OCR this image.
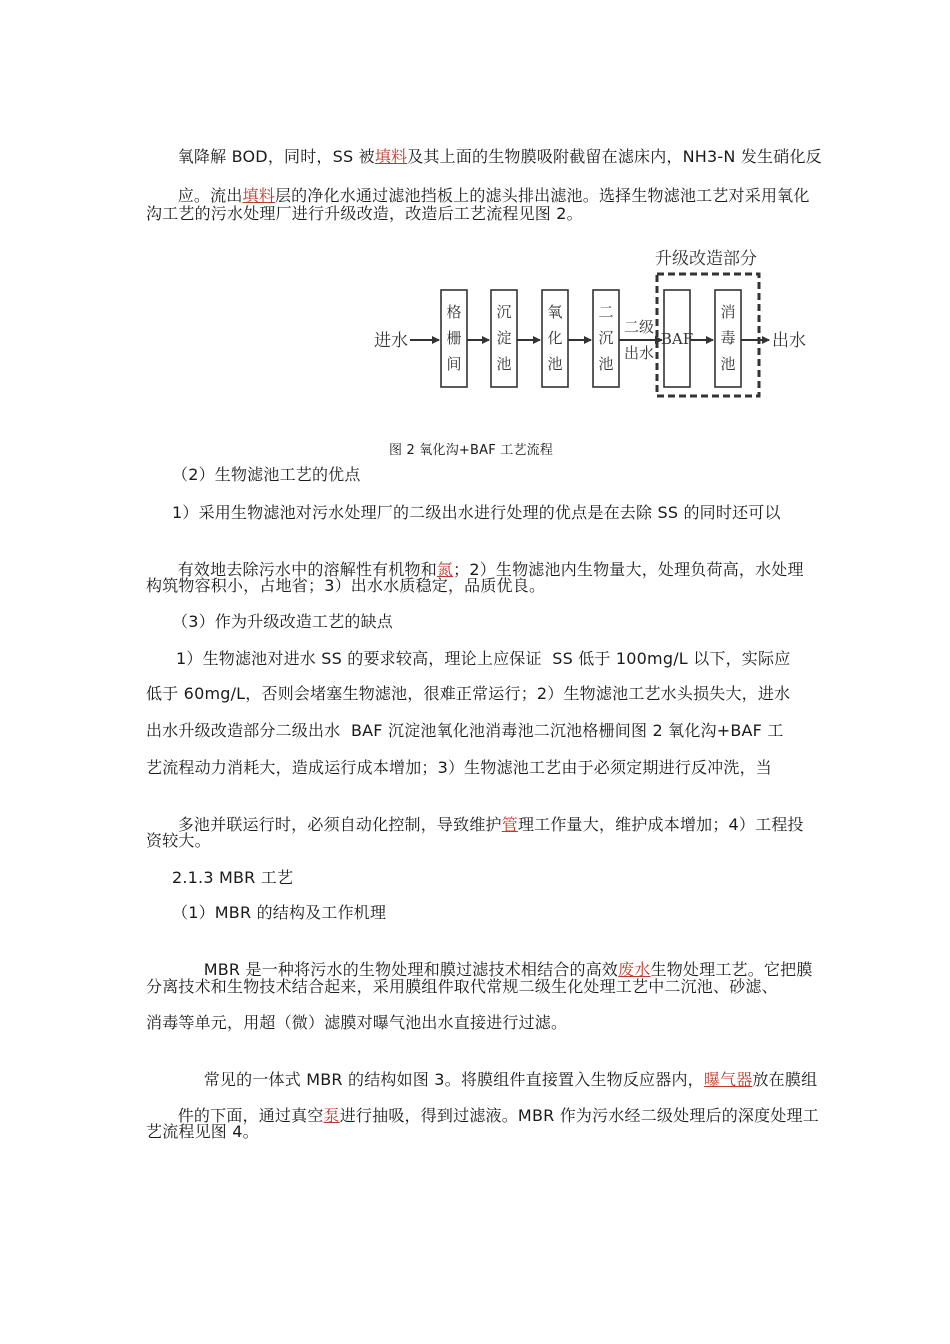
氧降解 BOD，同时，SS 被填料及其上面的生物膜吸附截留在滤床内，NH3-N 发生硝化反

应。流出填料层的净化水通过滤池挡板上的滤头排出滤池。选择生物滤池工艺对采用氧化

沟工艺的污水处理厂进行升级改造，改造后工艺流程见图 2。
升级改造部分
进水	出水
格
栅
间
沉
淀
池
氧
化
池
二
沉
池
BAF
消
毒
池
二级
出水
图 2 氧化沟+BAF 工艺流程
（2）生物滤池工艺的优点
1）采用生物滤池对污水处理厂的二级出水进行处理的优点是在去除 SS 的同时还可以

有效地去除污水中的溶解性有机物和氮；2）生物滤池内生物量大，处理负荷高，水处理

构筑物容积小，占地省；3）出水水质稳定，品质优良。
（3）作为升级改造工艺的缺点
1）生物滤池对进水 SS 的要求较高，理论上应保证  SS 低于 100mg/L 以下，实际应
低于 60mg/L，否则会堵塞生物滤池，很难正常运行；2）生物滤池工艺水头损失大，进水
出水升级改造部分二级出水  BAF 沉淀池氧化池消毒池二沉池格栅间图 2 氧化沟+BAF 工
艺流程动力消耗大，造成运行成本增加；3）生物滤池工艺由于必须定期进行反冲洗，当

多池并联运行时，必须自动化控制，导致维护管理工作量大，维护成本增加；4）工程投

资较大。
2.1.3 MBR 工艺
（1）MBR 的结构及工作机理

MBR 是一种将污水的生物处理和膜过滤技术相结合的高效废水生物处理工艺。它把膜

分离技术和生物技术结合起来，采用膜组件取代常规二级生化处理工艺中二沉池、砂滤、
消毒等单元，用超（微）滤膜对曝气池出水直接进行过滤。

常见的一体式 MBR 的结构如图 3。将膜组件直接置入生物反应器内，曝气器放在膜组

件的下面，通过真空泵进行抽吸，得到过滤液。MBR 作为污水经二级处理后的深度处理工

艺流程见图 4。
